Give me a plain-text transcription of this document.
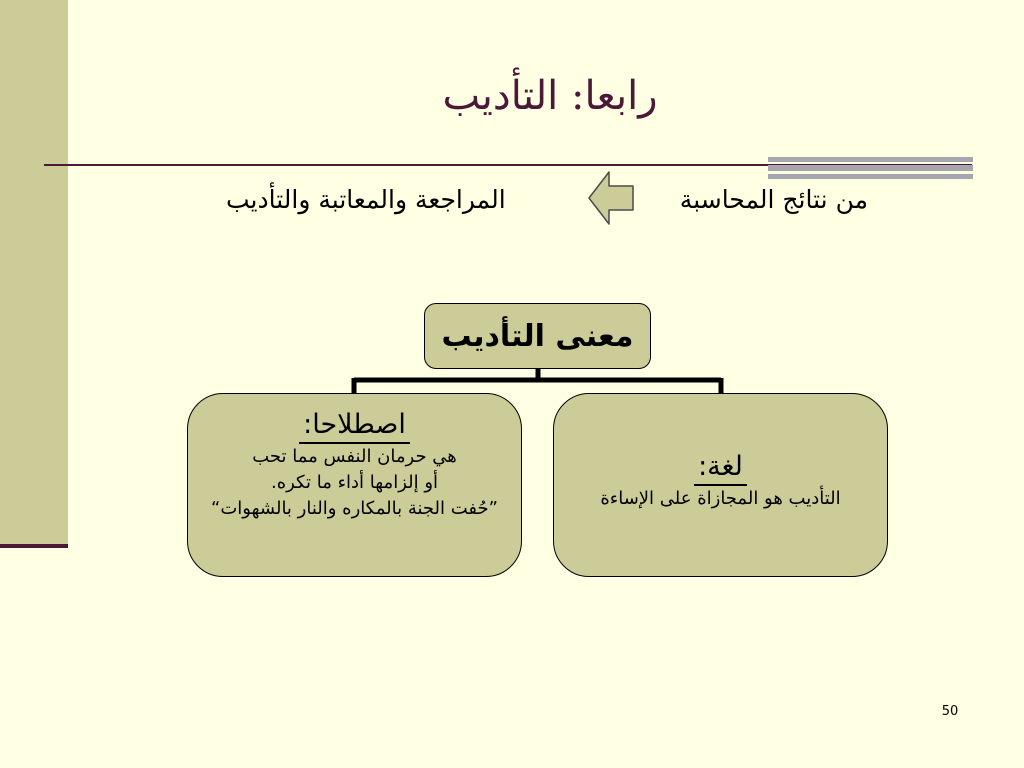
رابعا: التأديب
من نتائج المحاسبة
المراجعة والمعاتبة والتأديب
معنى التأديب
اصطلاحا:
هي حرمان النفس مما تحب
أو إلزامها أداء ما تكره.
”حُفت الجنة بالمكاره والنار بالشهوات“
لغة:
التأديب هو المجازاة على الإساءة
50
